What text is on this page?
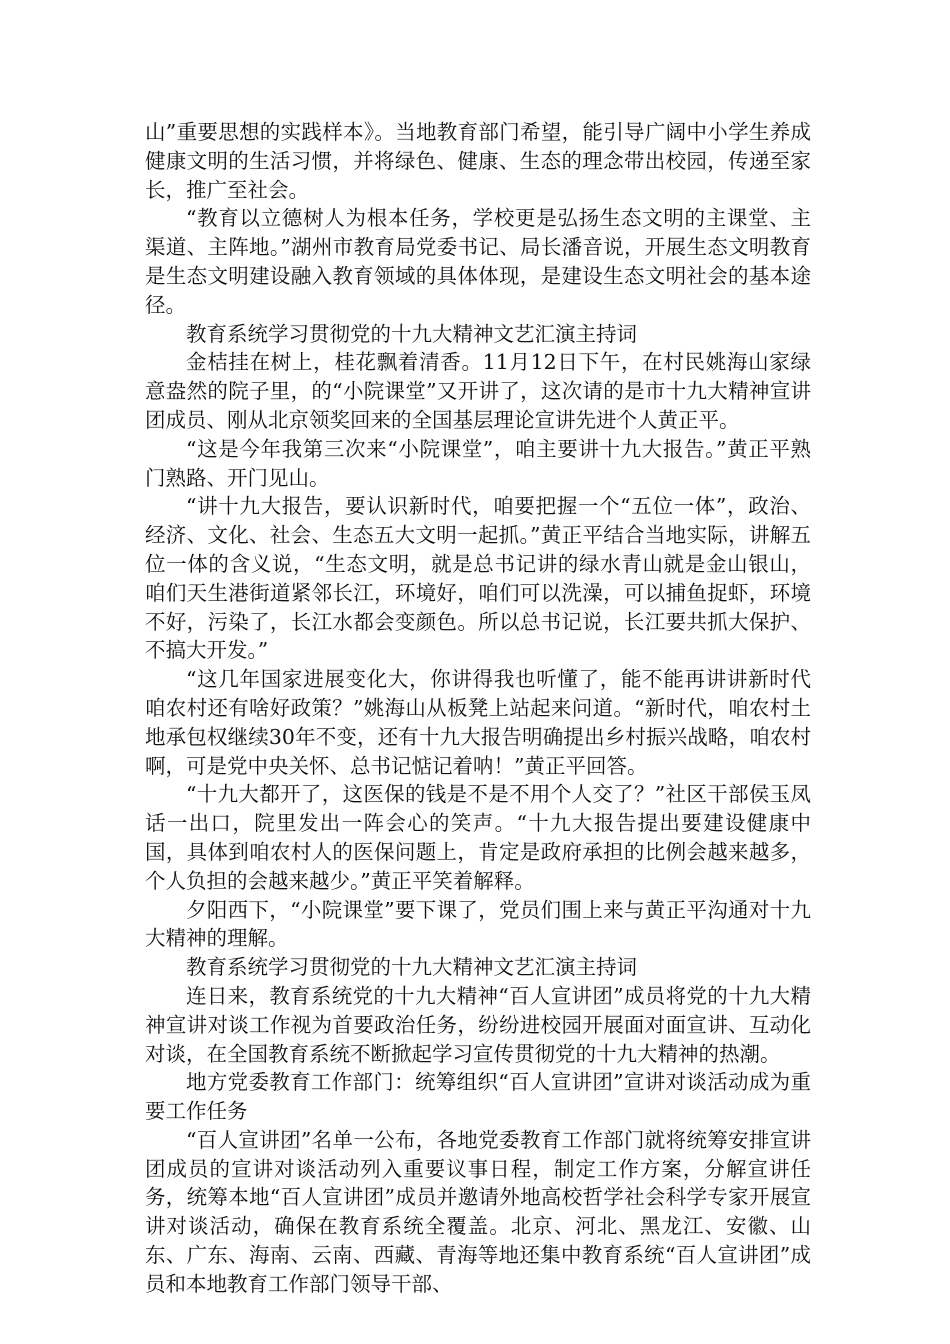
山”重要思想的实践样本》。当地教育部门希望，能引导广阔中小学生养成健康文明的生活习惯，并将绿色、健康、生态的理念带出校园，传递至家长，推广至社会。

“教育以立德树人为根本任务，学校更是弘扬生态文明的主课堂、主渠道、主阵地。”湖州市教育局党委书记、局长潘音说，开展生态文明教育是生态文明建设融入教育领域的具体体现，是建设生态文明社会的基本途径。

教育系统学习贯彻党的十九大精神文艺汇演主持词

金桔挂在树上，桂花飘着清香。11月12日下午，在村民姚海山家绿意盎然的院子里，的“小院课堂”又开讲了，这次请的是市十九大精神宣讲团成员、刚从北京领奖回来的全国基层理论宣讲先进个人黄正平。

“这是今年我第三次来“小院课堂”，咱主要讲十九大报告。”黄正平熟门熟路、开门见山。

“讲十九大报告，要认识新时代，咱要把握一个“五位一体”，政治、经济、文化、社会、生态五大文明一起抓。”黄正平结合当地实际，讲解五位一体的含义说，“生态文明，就是总书记讲的绿水青山就是金山银山，咱们天生港街道紧邻长江，环境好，咱们可以洗澡，可以捕鱼捉虾，环境不好，污染了，长江水都会变颜色。所以总书记说，长江要共抓大保护、不搞大开发。”

“这几年国家进展变化大，你讲得我也听懂了，能不能再讲讲新时代咱农村还有啥好政策？”姚海山从板凳上站起来问道。“新时代，咱农村土地承包权继续30年不变，还有十九大报告明确提出乡村振兴战略，咱农村啊，可是党中央关怀、总书记惦记着呐！”黄正平回答。

“十九大都开了，这医保的钱是不是不用个人交了？”社区干部侯玉凤话一出口，院里发出一阵会心的笑声。“十九大报告提出要建设健康中国，具体到咱农村人的医保问题上，肯定是政府承担的比例会越来越多，个人负担的会越来越少。”黄正平笑着解释。

夕阳西下，“小院课堂”要下课了，党员们围上来与黄正平沟通对十九大精神的理解。

教育系统学习贯彻党的十九大精神文艺汇演主持词

连日来，教育系统党的十九大精神“百人宣讲团”成员将党的十九大精神宣讲对谈工作视为首要政治任务，纷纷进校园开展面对面宣讲、互动化对谈，在全国教育系统不断掀起学习宣传贯彻党的十九大精神的热潮。

地方党委教育工作部门：统筹组织“百人宣讲团”宣讲对谈活动成为重要工作任务

“百人宣讲团”名单一公布，各地党委教育工作部门就将统筹安排宣讲团成员的宣讲对谈活动列入重要议事日程，制定工作方案，分解宣讲任务，统筹本地“百人宣讲团”成员并邀请外地高校哲学社会科学专家开展宣讲对谈活动，确保在教育系统全覆盖。北京、河北、黑龙江、安徽、山东、广东、海南、云南、西藏、青海等地还集中教育系统“百人宣讲团”成员和本地教育工作部门领导干部、
